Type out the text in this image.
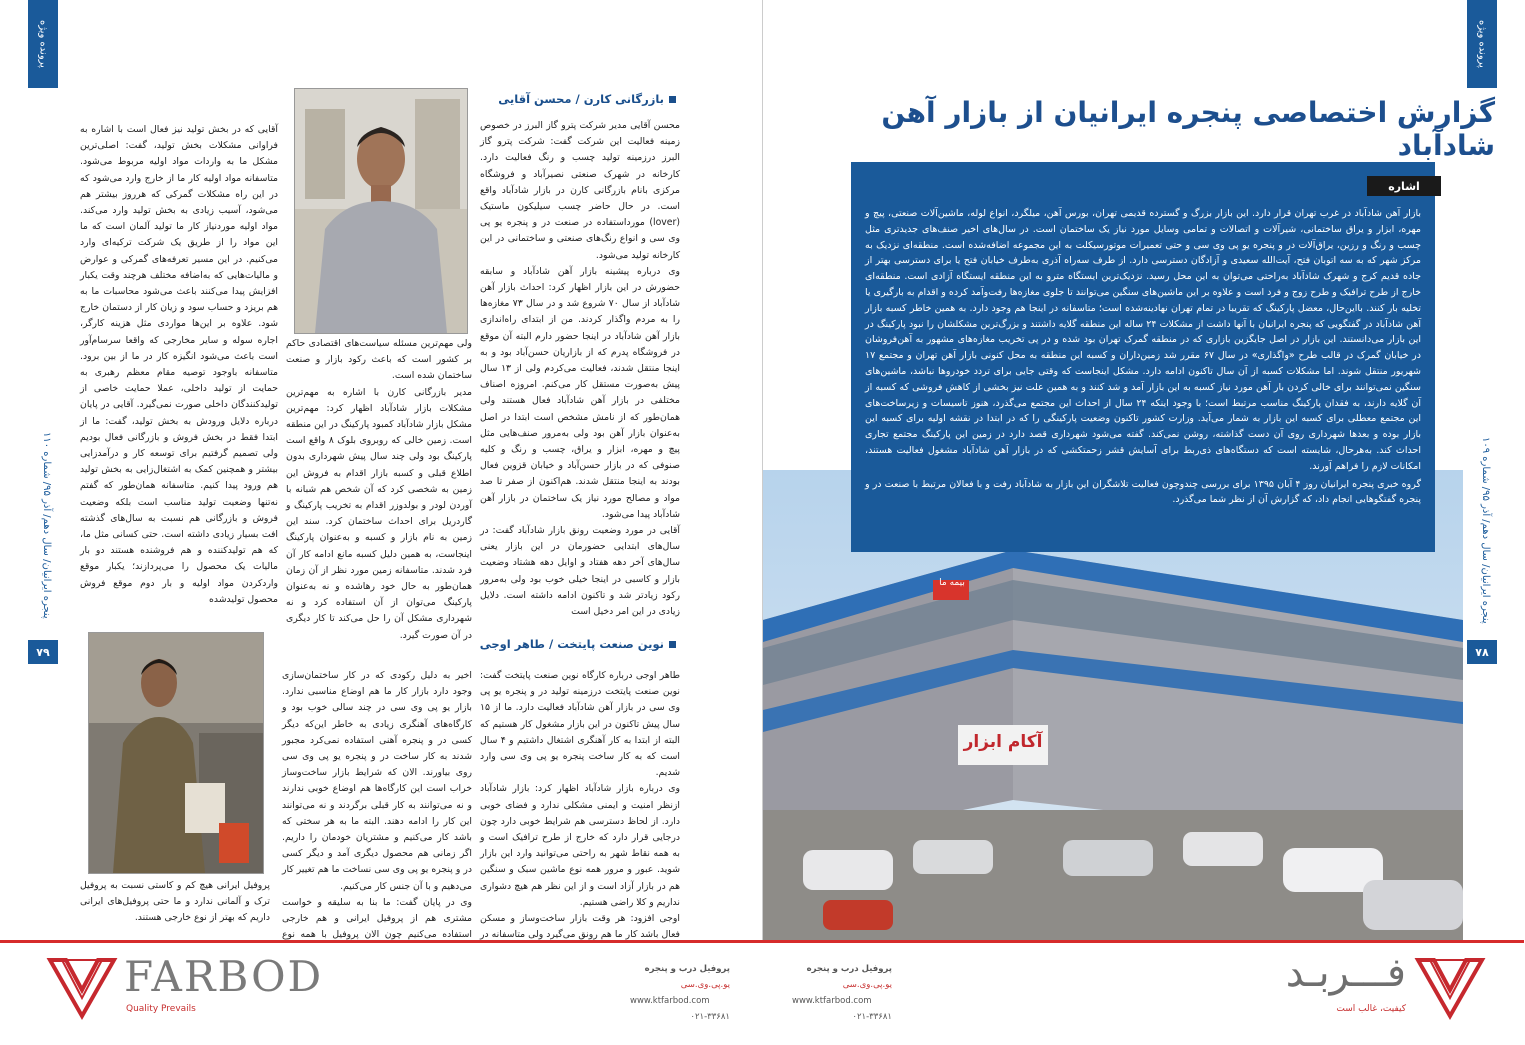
پرونده ویژه
پنجره ایرانیان/ سال دهم/ آذر ۹۵/ شماره ۱۱۰
۷۹
بازرگانی کارن / محسن آقایی

محسن آقایی مدیر شرکت پترو گاز البرز در خصوص زمینه فعالیت این شرکت گفت: شرکت پترو گاز البرز درزمینه تولید چسب و رنگ فعالیت دارد. کارخانه در شهرک صنعتی نصیرآباد و فروشگاه مرکزی بانام بازرگانی کارن در بازار شادآباد واقع است. در حال حاضر چسب سیلیکون ماستیک (lover) مورداستفاده در صنعت در و پنجره یو پی وی سی و انواع رنگ‌های صنعتی و ساختمانی در این کارخانه تولید می‌شود.

وی درباره پیشینه بازار آهن شادآباد و سابقه حضورش در این بازار اظهار کرد: احداث بازار آهن شادآباد از سال ۷۰ شروع شد و در سال ۷۳ مغازه‌ها را به مردم واگذار کردند. من از ابتدای راه‌اندازی بازار آهن شادآباد در اینجا حضور دارم البته آن موقع در فروشگاه پدرم که از بازاریان حسن‌آباد بود و به اینجا منتقل شدند، فعالیت می‌کردم ولی از ۱۳ سال پیش به‌صورت مستقل کار می‌کنم. امروزه اصناف مختلفی در بازار آهن شادآباد فعال هستند ولی همان‌طور که از نامش مشخص است ابتدا در اصل به‌عنوان بازار آهن بود ولی به‌مرور صنف‌هایی مثل پیچ و مهره، ابزار و یراق، چسب و رنگ و کلیه صنوفی که در بازار حسن‌آباد و خیابان قزوین فعال بودند به اینجا منتقل شدند. هم‌اکنون از صفر تا صد مواد و مصالح مورد نیاز یک ساختمان در بازار آهن شادآباد پیدا می‌شود.

آقایی در مورد وضعیت رونق بازار شادآباد گفت: در سال‌های ابتدایی حضورمان در این بازار یعنی سال‌های آخر دهه هفتاد و اوایل دهه هشتاد وضعیت بازار و کاسبی در اینجا خیلی خوب بود ولی به‌مرور رکود زیادتر شد و تاکنون ادامه داشته است. دلایل زیادی در این امر دخیل است

ولی مهم‌ترین مسئله سیاست‌های اقتصادی حاکم بر کشور است که باعث رکود بازار و صنعت ساختمان شده است.

مدیر بازرگانی کارن با اشاره به مهم‌ترین مشکلات بازار شادآباد اظهار کرد: مهم‌ترین مشکل بازار شادآباد کمبود پارکینگ در این منطقه است. زمین خالی که روبروی بلوک ۸ واقع است پارکینگ بود ولی چند سال پیش شهرداری بدون اطلاع قبلی و کسبه بازار اقدام به فروش این زمین به شخصی کرد که آن شخص هم شبانه با آوردن لودر و بولدوزر اقدام به تخریب پارکینگ و گاردریل برای احداث ساختمان کرد. سند این زمین به نام بازار و کسبه و به‌عنوان پارکینگ اینجاست، به همین دلیل کسبه مانع ادامه کار آن فرد شدند. متاسفانه زمین مورد نظر از آن زمان همان‌طور به حال خود رهاشده و نه به‌عنوان پارکینگ می‌توان از آن استفاده کرد و نه شهرداری مشکل آن را حل می‌کند تا کار دیگری در آن صورت گیرد.

آقایی که در بخش تولید نیز فعال است با اشاره به فراوانی مشکلات بخش تولید، گفت: اصلی‌ترین مشکل ما به واردات مواد اولیه مربوط می‌شود. متاسفانه مواد اولیه کار ما از خارج وارد می‌شود که در این راه مشکلات گمرکی که هرروز بیشتر هم می‌شود، آسیب زیادی به بخش تولید وارد می‌کند. مواد اولیه موردنیاز کار ما تولید آلمان است که ما این مواد را از طریق یک شرکت ترکیه‌ای وارد می‌کنیم. در این مسیر تعرفه‌های گمرکی و عوارض و مالیات‌هایی که به‌اضافه مختلف هرچند وقت یکبار افزایش پیدا می‌کنند باعث می‌شود محاسبات ما به هم بریزد و حساب سود و زیان کار از دستمان خارج شود. علاوه بر این‌ها مواردی مثل هزینه کارگر، اجاره سوله و سایر مخارجی که واقعا سرسام‌آور است باعث می‌شود انگیزه کار در ما از بین برود. متاسفانه باوجود توصیه مقام معظم رهبری به حمایت از تولید داخلی، عملا حمایت خاصی از تولیدکنندگان داخلی صورت نمی‌گیرد. آقایی در پایان درباره دلایل ورودش به بخش تولید، گفت: ما از ابتدا فقط در بخش فروش و بازرگانی فعال بودیم ولی تصمیم گرفتیم برای توسعه کار و درآمدزایی بیشتر و همچنین کمک به اشتغال‌زایی به بخش تولید هم ورود پیدا کنیم. متاسفانه همان‌طور که گفتم نه‌تنها وضعیت تولید مناسب است بلکه وضعیت فروش و بازرگانی هم نسبت به سال‌های گذشته افت بسیار زیادی داشته است. حتی کسانی مثل ما، که هم تولیدکننده و هم فروشنده هستند دو بار مالیات یک محصول را می‌پردازند؛ یکبار موقع واردکردن مواد اولیه و بار دوم موقع فروش محصول تولیدشده

نوین صنعت پایتخت / طاهر اوجی

طاهر اوجی درباره کارگاه نوین صنعت پایتخت گفت: نوین صنعت پایتخت درزمینه تولید در و پنجره یو پی وی سی در بازار آهن شادآباد فعالیت دارد. ما از ۱۵ سال پیش تاکنون در این بازار مشغول کار هستیم که البته از ابتدا به کار آهنگری اشتغال داشتیم و ۴ سال است که به کار ساخت پنجره یو پی وی سی وارد شدیم.

وی درباره بازار شادآباد اظهار کرد: بازار شادآباد ازنظر امنیت و ایمنی مشکلی ندارد و فضای خوبی دارد. از لحاظ دسترسی هم شرایط خوبی دارد چون درجایی قرار دارد که خارج از طرح ترافیک است و به همه نقاط شهر به راحتی می‌توانید وارد این بازار شوید. عبور و مرور همه نوع ماشین سبک و سنگین هم در بازار آزاد است و از این نظر هم هیچ دشواری نداریم و کلا راضی هستیم.

اوجی افزود: هر وقت بازار ساخت‌وساز و مسکن فعال باشد کار ما هم رونق می‌گیرد ولی متاسفانه در

اخیر به دلیل رکودی که در کار ساختمان‌سازی وجود دارد بازار کار ما هم اوضاع مناسبی ندارد. بازار یو پی وی سی در چند سالی خوب بود و کارگاه‌های آهنگری زیادی به خاطر این‌که دیگر کسی در و پنجره آهنی استفاده نمی‌کرد مجبور شدند به کار ساخت در و پنجره یو پی وی سی روی بیاورند. الان که شرایط بازار ساخت‌وساز خراب است این کارگاه‌ها هم اوضاع خوبی ندارند و نه می‌توانند به کار قبلی برگردند و نه می‌توانند این کار را ادامه دهند. البته ما به هر سختی که باشد کار می‌کنیم و مشتریان خودمان را داریم. اگر زمانی هم محصول دیگری آمد و دیگر کسی در و پنجره یو پی وی سی نساخت ما هم تغییر کار می‌دهیم و با آن جنس کار می‌کنیم.

وی در پایان گفت: ما بنا به سلیقه و خواست مشتری هم از پروفیل ایرانی و هم خارجی استفاده می‌کنیم چون الان پروفیل با همه نوع

پروفیل ایرانی هیچ کم و کاستی نسبت به پروفیل ترک و آلمانی ندارد و ما حتی پروفیل‌های ایرانی داریم که بهتر از نوع خارجی هستند.

پرونده ویژه
پنجره ایرانیان/ سال دهم/ آذر ۹۵/ شماره ۱۰۹
۷۸
بیمه ما
آکام ابزار
گزارش اختصاصی پنجره ایرانیان از بازار آهن شادآباد
اشاره

بازار آهن شادآباد در غرب تهران قرار دارد. این بازار بزرگ و گسترده قدیمی تهران، بورس آهن، میلگرد، انواع لوله، ماشین‌آلات صنعتی، پیچ و مهره، ابزار و یراق ساختمانی، شیرآلات و اتصالات و تمامی وسایل مورد نیاز یک ساختمان است. در سال‌های اخیر صنف‌های جدیدتری مثل چسب و رنگ و رزین، یراق‌آلات در و پنجره یو پی وی سی و حتی تعمیرات موتورسیکلت به این مجموعه اضافه‌شده است. منطقه‌ای نزدیک به مرکز شهر که به سه اتوبان فتح، آیت‌الله سعیدی و آزادگان دسترسی دارد. از طرف سه‌راه آذری به‌طرف خیابان فتح یا برای دسترسی بهتر از جاده قدیم کرج و شهرک شادآباد به‌راحتی می‌توان به این محل رسید. نزدیک‌ترین ایستگاه مترو به این منطقه ایستگاه آزادی است. منطقه‌ای خارج از طرح ترافیک و طرح زوج و فرد است و علاوه بر این ماشین‌های سنگین می‌توانند تا جلوی مغازه‌ها رفت‌وآمد کرده و اقدام به بارگیری یا تخلیه بار کنند. بااین‌حال، معضل پارکینگ که تقریبا در تمام تهران نهادینه‌شده است؛ متاسفانه در اینجا هم وجود دارد. به همین خاطر کسبه بازار آهن شادآباد در گفتگویی که پنجره ایرانیان با آنها داشت از مشکلات ۲۴ ساله این منطقه گلایه داشتند و بزرگ‌ترین مشکلشان را نبود پارکینگ در این بازار می‌دانستند. این بازار در اصل جایگزین بازاری که در منطقه گمرک تهران بود شده و در پی تخریب مغازه‌های مشهور به آهن‌فروشان در خیابان گمرک در قالب طرح «واگذاری» در سال ۶۷ مقرر شد زمین‌داران و کسبه این منطقه به محل کنونی بازار آهن تهران و مجتمع ۱۷ شهریور منتقل شوند. اما مشکلات کسبه از آن سال تاکنون ادامه دارد. مشکل اینجاست که وقتی جایی برای تردد خودروها نباشد، ماشین‌های سنگین نمی‌توانند برای خالی کردن بار آهن مورد نیاز کسبه به این بازار آمد و شد کنند و به همین علت نیز بخشی از کاهش فروشی که کسبه از آن گلایه دارند، به فقدان پارکینگ مناسب مرتبط است؛ با وجود اینکه ۲۴ سال از احداث این مجتمع می‌گذرد، هنوز تاسیسات و زیرساخت‌های این مجتمع معطلی برای کسبه این بازار به شمار می‌آید. وزارت کشور تاکنون وضعیت پارکینگی را که در ابتدا در نقشه اولیه برای کسبه این بازار بوده و بعدها شهرداری روی آن دست گذاشته، روشن نمی‌کند. گفته می‌شود شهرداری قصد دارد در زمین این پارکینگ مجتمع تجاری احداث کند. به‌هرحال، شایسته است که دستگاه‌های ذی‌ربط برای آسایش قشر زحمتکشی که در بازار آهن شادآباد مشغول فعالیت هستند، امکانات لازم را فراهم آورند.

گروه خبری پنجره ایرانیان روز ۴ آبان ۱۳۹۵ برای بررسی چندوچون فعالیت تلاشگران این بازار به شادآباد رفت و با فعالان مرتبط با صنعت در و پنجره گفتگوهایی انجام داد، که گزارش آن از نظر شما می‌گذرد.

FARBOD
Quality Prevails
پروفیل درب و پنجره
یو.پی.وی.سی
www.ktfarbod.com
۰۲۱-۳۳۶۸۱
پروفیل درب و پنجره
یو.پی.وی.سی
www.ktfarbod.com
۰۲۱-۳۳۶۸۱
فـــربـد
کیفیت، غالب است
